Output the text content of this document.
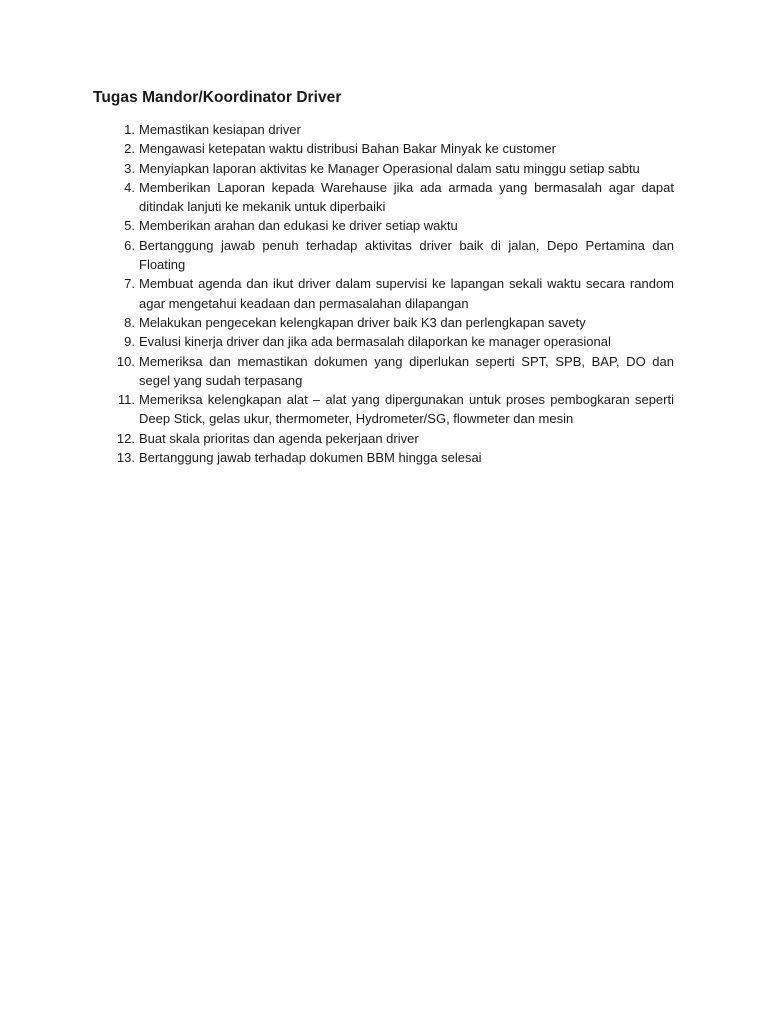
Tugas Mandor/Koordinator Driver
1. Memastikan kesiapan driver
2. Mengawasi ketepatan waktu distribusi Bahan Bakar Minyak ke customer
3. Menyiapkan laporan aktivitas ke Manager Operasional dalam satu minggu setiap sabtu
4. Memberikan Laporan kepada Warehause jika ada armada yang bermasalah agar dapat ditindak lanjuti ke mekanik untuk diperbaiki
5. Memberikan arahan dan edukasi ke driver setiap waktu
6. Bertanggung jawab penuh terhadap aktivitas driver baik di jalan, Depo Pertamina dan Floating
7. Membuat agenda dan ikut driver dalam supervisi ke lapangan sekali waktu secara random agar mengetahui keadaan dan permasalahan dilapangan
8. Melakukan pengecekan kelengkapan driver baik K3 dan perlengkapan savety
9. Evalusi kinerja driver dan jika ada bermasalah dilaporkan ke manager operasional
10. Memeriksa dan memastikan dokumen yang diperlukan seperti SPT, SPB, BAP, DO dan segel yang sudah terpasang
11. Memeriksa kelengkapan alat – alat yang dipergunakan untuk proses pembogkaran seperti Deep Stick, gelas ukur, thermometer, Hydrometer/SG, flowmeter dan mesin
12. Buat skala prioritas dan agenda pekerjaan driver
13. Bertanggung jawab terhadap dokumen BBM hingga selesai
